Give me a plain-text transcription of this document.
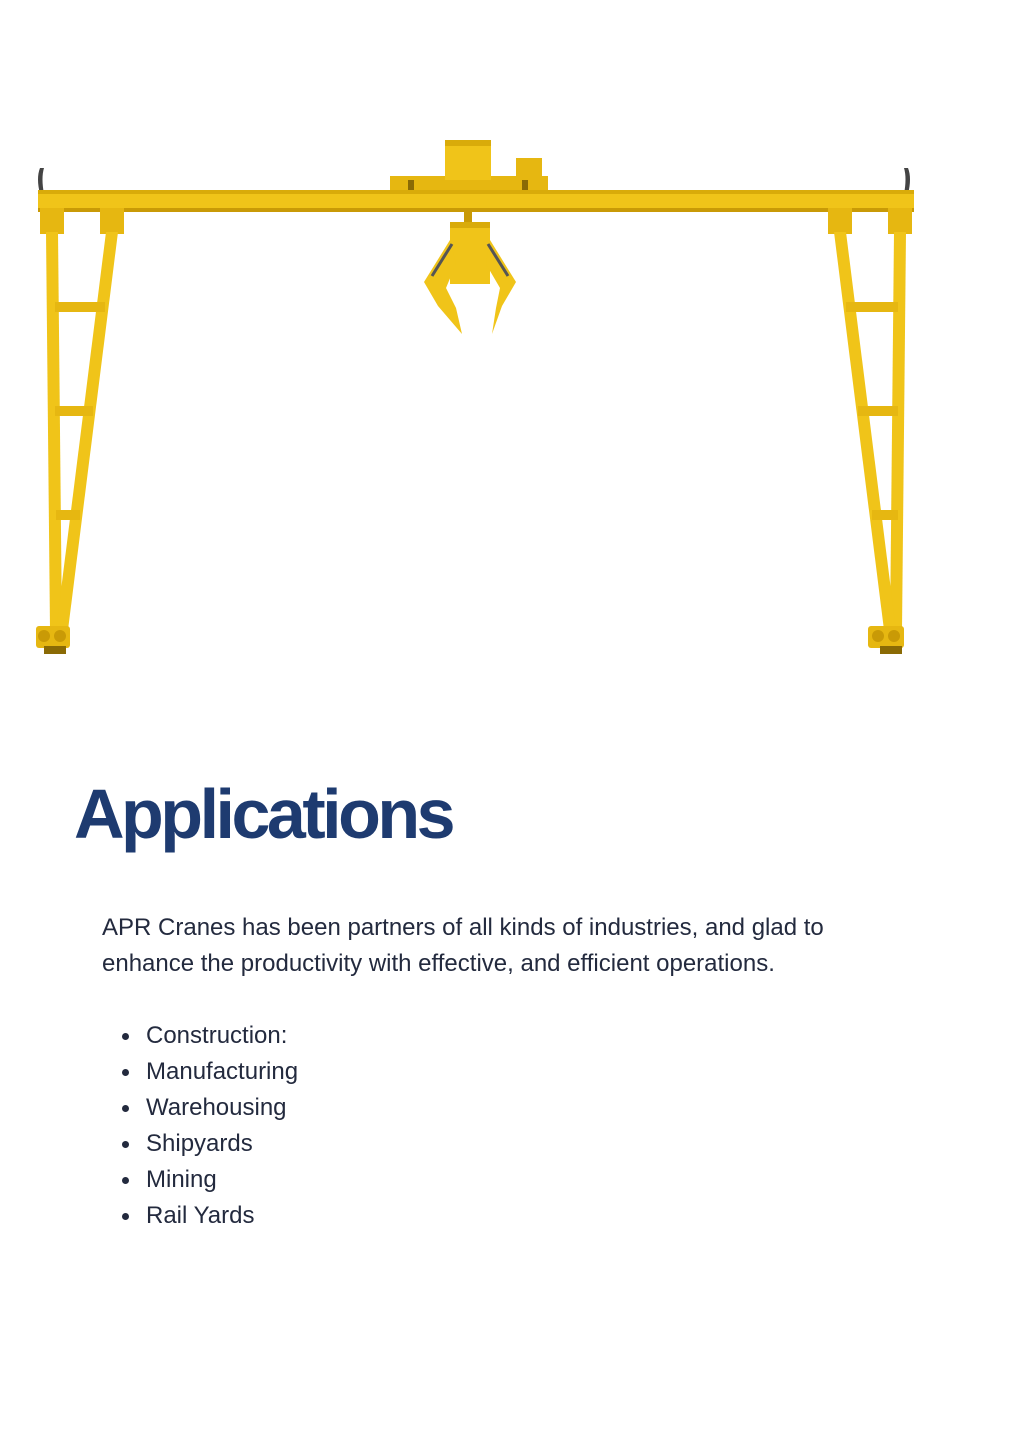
Applications

APR Cranes has been partners of all kinds of industries, and glad to enhance the productivity with effective, and efficient operations.

Construction:
Manufacturing
Warehousing
Shipyards
Mining
Rail Yards
